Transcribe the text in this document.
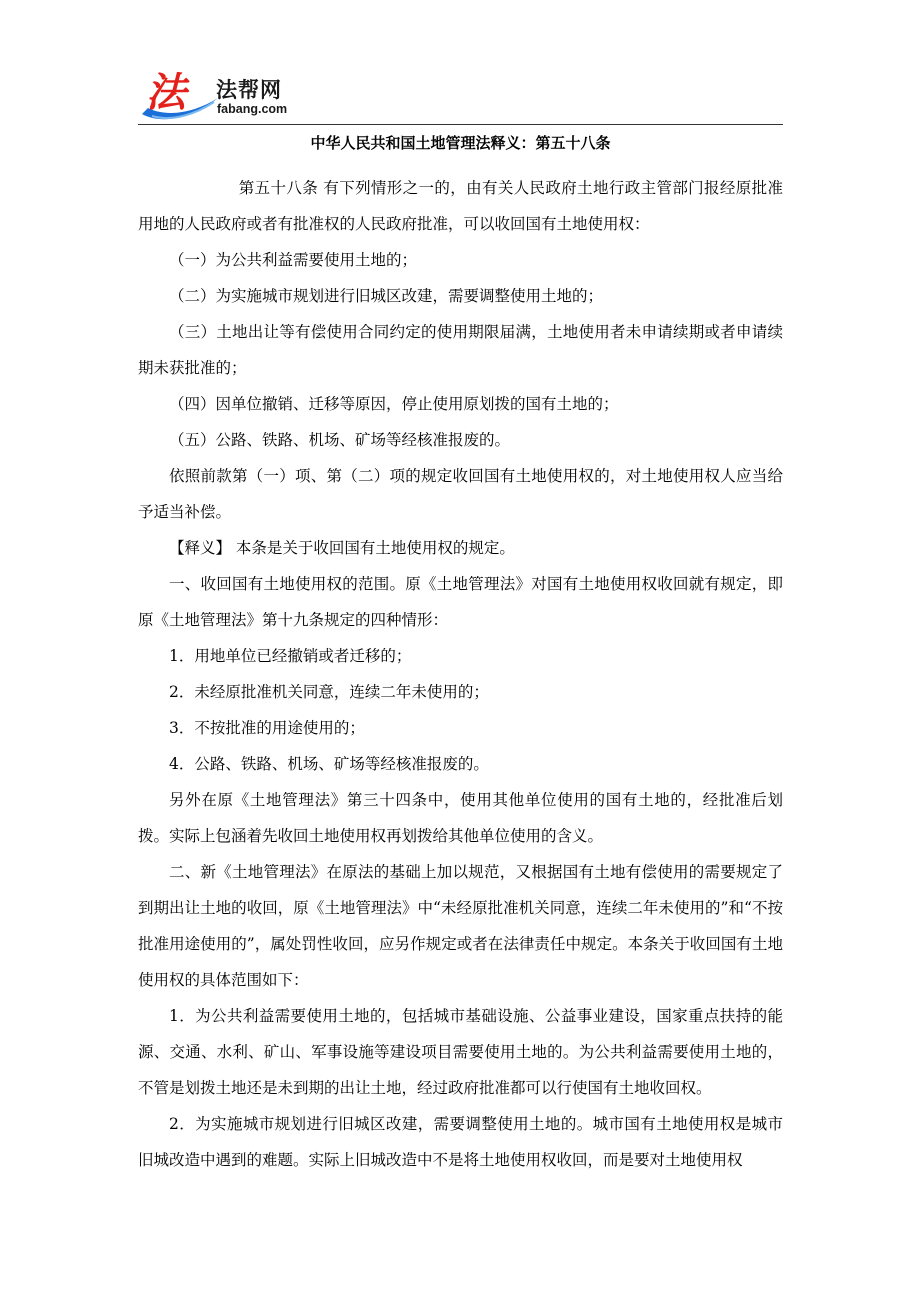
法 法帮网
fabang.com
中华人民共和国土地管理法释义：第五十八条

第五十八条 有下列情形之一的，由有关人民政府土地行政主管部门报经原批准用地的人民政府或者有批准权的人民政府批准，可以收回国有土地使用权：

（一）为公共利益需要使用土地的；

（二）为实施城市规划进行旧城区改建，需要调整使用土地的；

（三）土地出让等有偿使用合同约定的使用期限届满，土地使用者未申请续期或者申请续期未获批准的；

（四）因单位撤销、迁移等原因，停止使用原划拨的国有土地的；

（五）公路、铁路、机场、矿场等经核准报废的。

依照前款第（一）项、第（二）项的规定收回国有土地使用权的，对土地使用权人应当给予适当补偿。

【释义】 本条是关于收回国有土地使用权的规定。

一、收回国有土地使用权的范围。原《土地管理法》对国有土地使用权收回就有规定，即原《土地管理法》第十九条规定的四种情形：

1．用地单位已经撤销或者迁移的；

2．未经原批准机关同意，连续二年未使用的；

3．不按批准的用途使用的；

4．公路、铁路、机场、矿场等经核准报废的。

另外在原《土地管理法》第三十四条中，使用其他单位使用的国有土地的，经批准后划拨。实际上包涵着先收回土地使用权再划拨给其他单位使用的含义。

二、新《土地管理法》在原法的基础上加以规范，又根据国有土地有偿使用的需要规定了到期出让土地的收回，原《土地管理法》中“未经原批准机关同意，连续二年未使用的”和“不按批准用途使用的”，属处罚性收回，应另作规定或者在法律责任中规定。本条关于收回国有土地使用权的具体范围如下：

1．为公共利益需要使用土地的，包括城市基础设施、公益事业建设，国家重点扶持的能源、交通、水利、矿山、军事设施等建设项目需要使用土地的。为公共利益需要使用土地的，不管是划拨土地还是未到期的出让土地，经过政府批准都可以行使国有土地收回权。

2．为实施城市规划进行旧城区改建，需要调整使用土地的。城市国有土地使用权是城市旧城改造中遇到的难题。实际上旧城改造中不是将土地使用权收回，而是要对土地使用权
